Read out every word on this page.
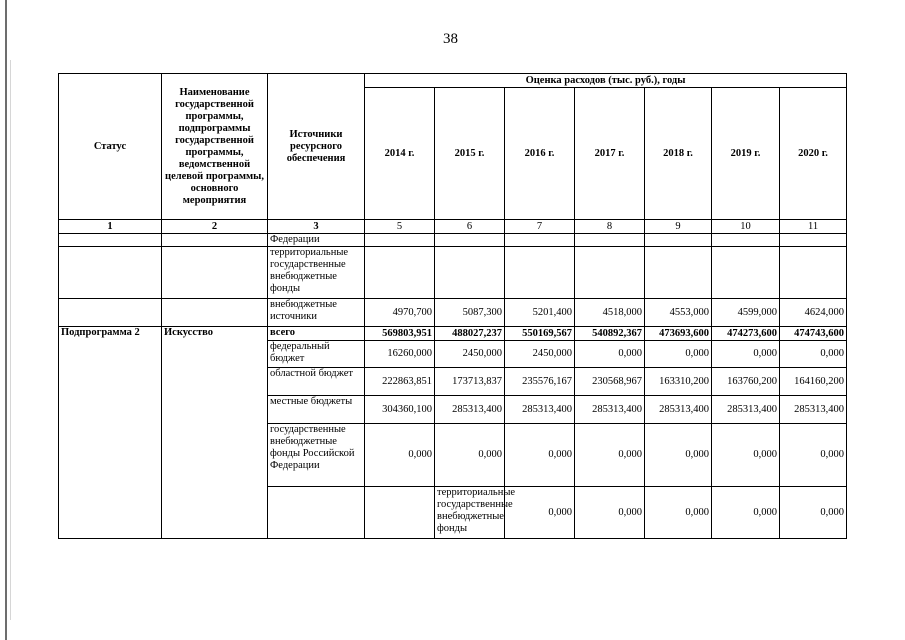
38
Статус	Наименование государственной программы, подпрограммы государственной программы, ведомственной целевой программы, основного мероприятия	Источники ресурсного обеспечения	Оценка расходов (тыс. руб.), годы							
			2014 г.	2015 г.	2016 г.	2017 г.	2018 г.	2019 г.	2020 г.	
1	2	3	5	6	7	8	9	10	11	
		Федерации								
		территориальные государственные внебюджетные фонды								
		внебюджетные источники	4970,700	5087,300	5201,400	4518,000	4553,000	4599,000	4624,000	
Подпрограмма 2	Искусство	всего	569803,951	488027,237	550169,567	540892,367	473693,600	474273,600	474743,600	
		федеральный бюджет	16260,000	2450,000	2450,000	0,000	0,000	0,000	0,000	
		областной бюджет	222863,851	173713,837	235576,167	230568,967	163310,200	163760,200	164160,200	
		местные бюджеты	304360,100	285313,400	285313,400	285313,400	285313,400	285313,400	285313,400	
		государственные внебюджетные фонды Российской Федерации	0,000	0,000	0,000	0,000	0,000	0,000	0,000	
				территориальные государственные внебюджетные фонды	0,000	0,000	0,000	0,000	0,000		
